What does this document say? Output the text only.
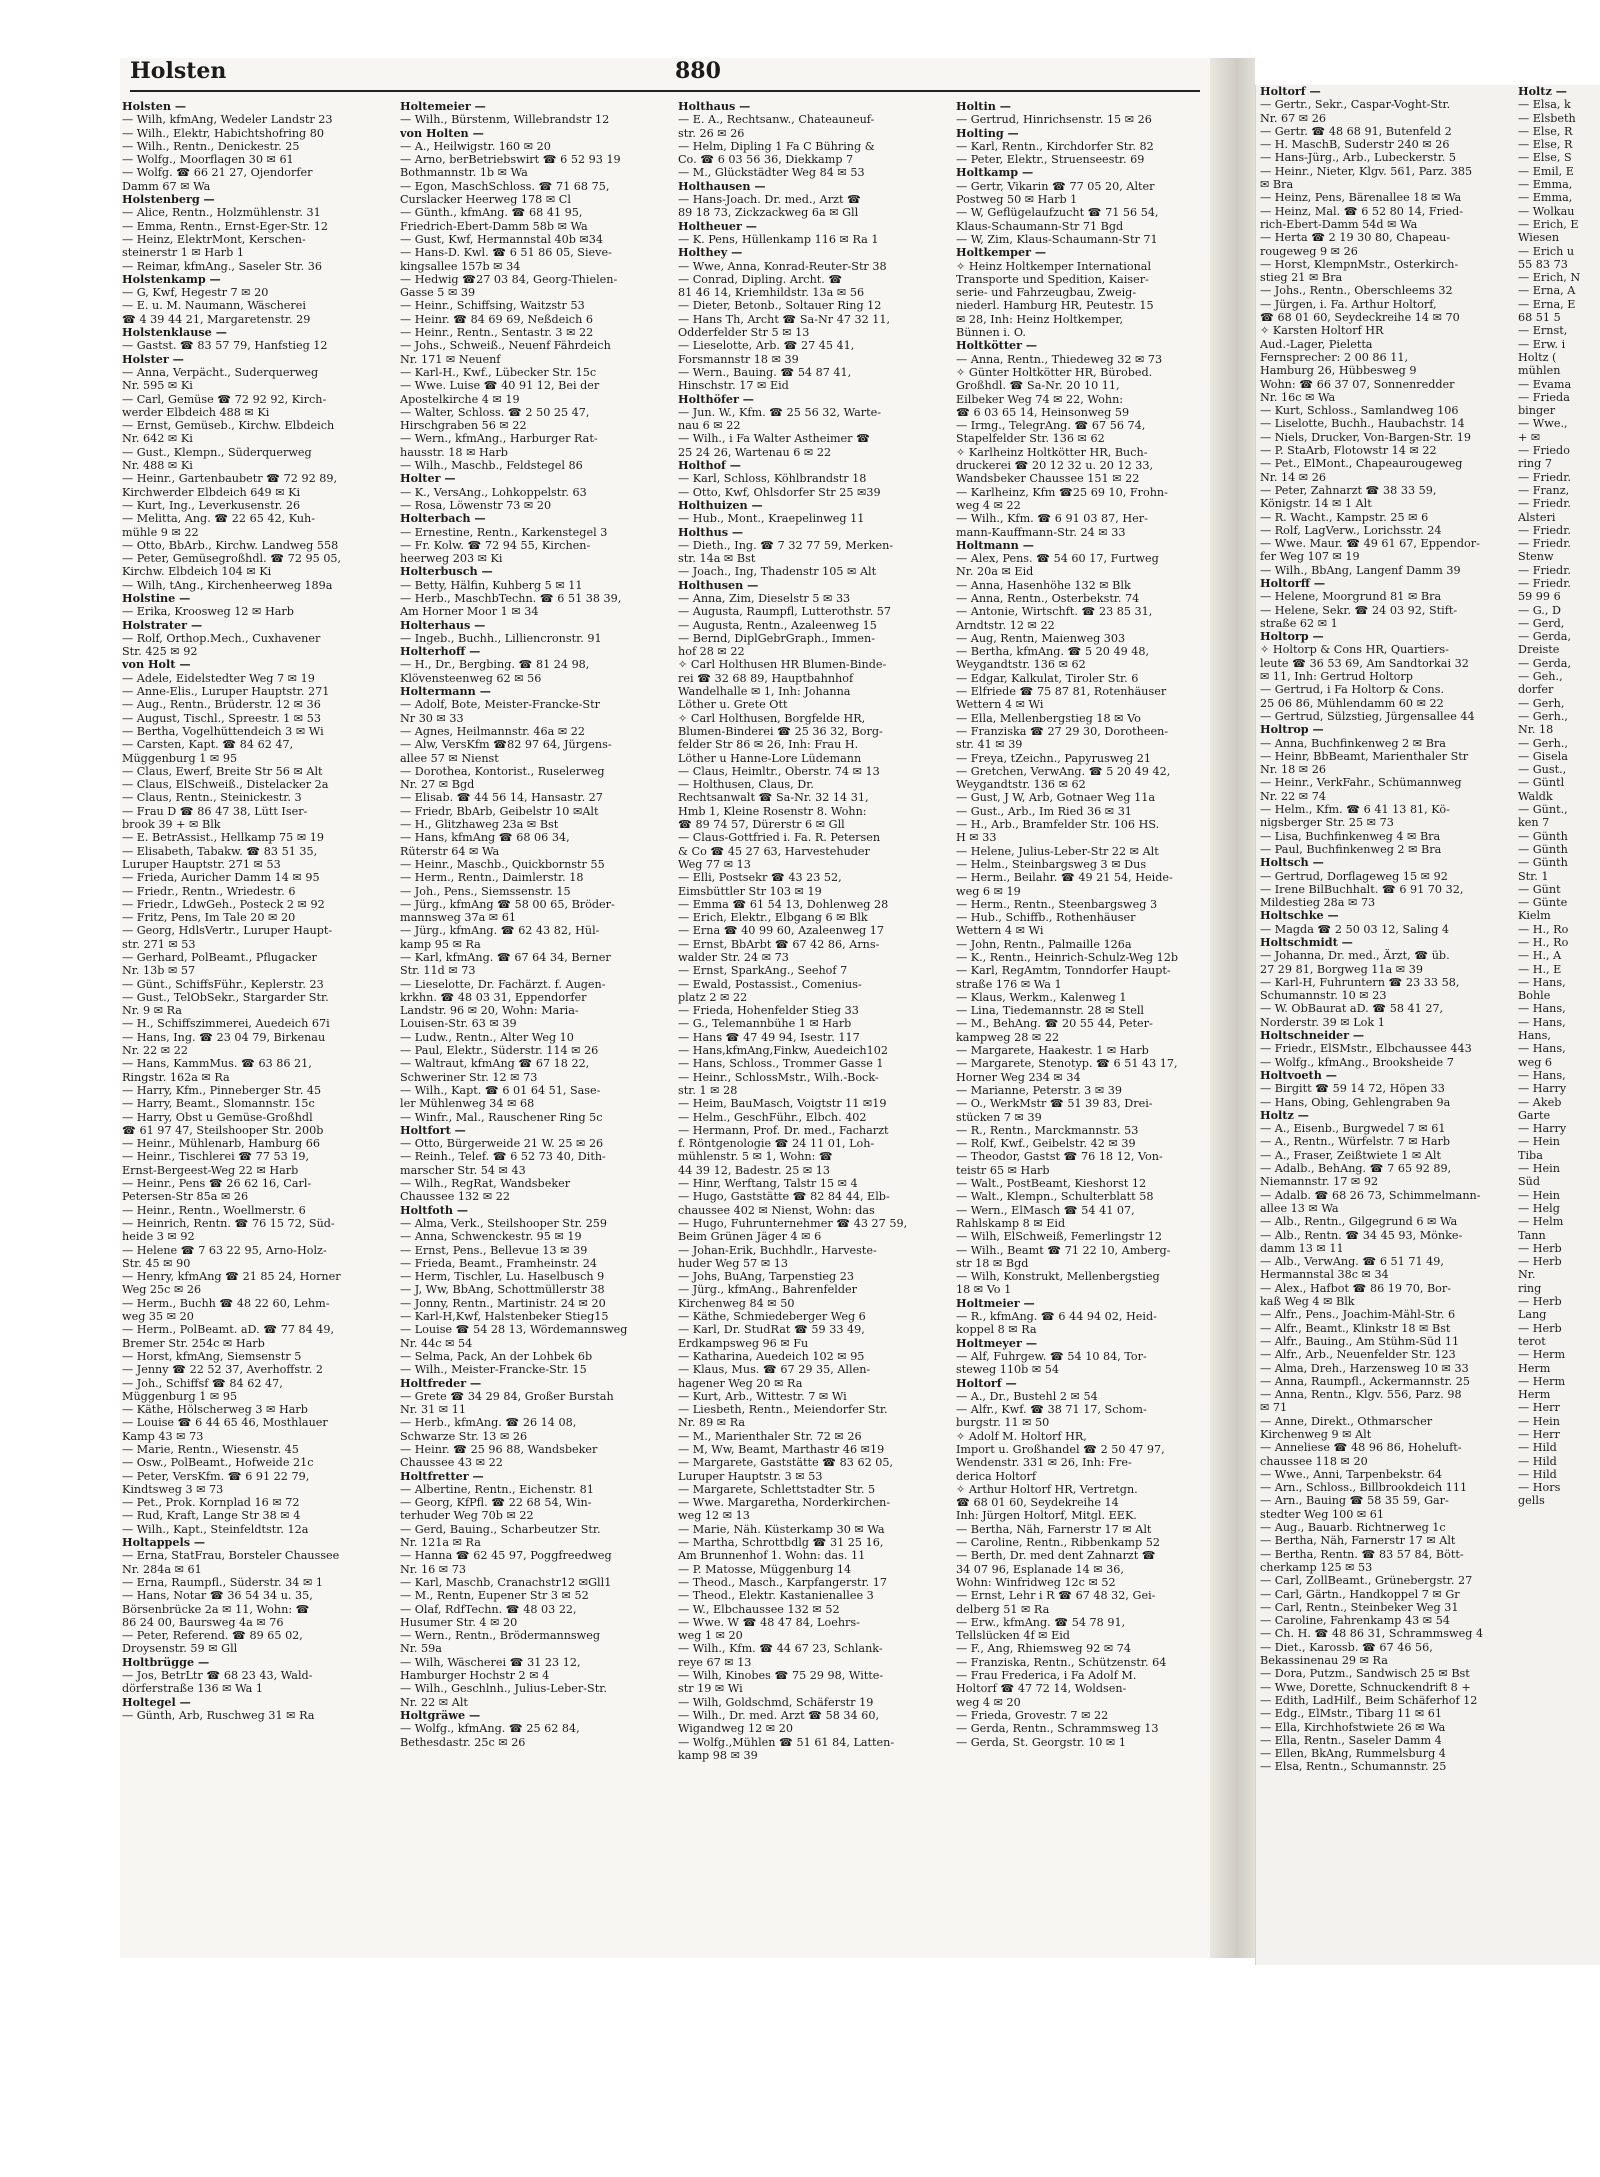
Holsten	880
Holsten —
— Wilh, kfmAng, Wedeler Landstr 23
— Wilh., Elektr, Habichtshofring 80
— Wilh., Rentn., Denickestr. 25
— Wolfg., Moorflagen 30 ✉ 61
— Wolfg. ☎ 66 21 27, Ojendorfer
Damm 67 ✉ Wa
Holstenberg —
— Alice, Rentn., Holzmühlenstr. 31
— Emma, Rentn., Ernst-Eger-Str. 12
— Heinz, ElektrMont, Kerschen-
steinerstr 1 ✉ Harb 1
— Reimar, kfmAng., Saseler Str. 36
Holstenkamp —
— G, Kwf, Hegestr 7 ✉ 20
— E. u. M. Naumann, Wäscherei
☎ 4 39 44 21, Margaretenstr. 29
Holstenklause —
— Gastst. ☎ 83 57 79, Hanfstieg 12
Holster —
— Anna, Verpächt., Suderquerweg
Nr. 595 ✉ Ki
— Carl, Gemüse ☎ 72 92 92, Kirch-
werder Elbdeich 488 ✉ Ki
— Ernst, Gemüseb., Kirchw. Elbdeich
Nr. 642 ✉ Ki
— Gust., Klempn., Süderquerweg
Nr. 488 ✉ Ki
— Heinr., Gartenbaubetr ☎ 72 92 89,
Kirchwerder Elbdeich 649 ✉ Ki
— Kurt, Ing., Leverkusenstr. 26
— Melitta, Ang. ☎ 22 65 42, Kuh-
mühle 9 ✉ 22
— Otto, BbArb., Kirchw. Landweg 558
— Peter, Gemüsegroßhdl. ☎ 72 95 05,
Kirchw. Elbdeich 104 ✉ Ki
— Wilh, tAng., Kirchenheerweg 189a
Holstine —
— Erika, Kroosweg 12 ✉ Harb
Holstrater —
— Rolf, Orthop.Mech., Cuxhavener
Str. 425 ✉ 92
von Holt —
— Adele, Eidelstedter Weg 7 ✉ 19
— Anne-Elis., Luruper Hauptstr. 271
— Aug., Rentn., Brüderstr. 12 ✉ 36
— August, Tischl., Spreestr. 1 ✉ 53
— Bertha, Vogelhüttendeich 3 ✉ Wi
— Carsten, Kapt. ☎ 84 62 47,
Müggenburg 1 ✉ 95
— Claus, Ewerf, Breite Str 56 ✉ Alt
— Claus, ElSchweiß., Distelacker 2a
— Claus, Rentn., Steinickestr. 3
— Frau D ☎ 86 47 38, Lütt Iser-
brook 39 + ✉ Blk
— E. BetrAssist., Hellkamp 75 ✉ 19
— Elisabeth, Tabakw. ☎ 83 51 35,
Luruper Hauptstr. 271 ✉ 53
— Frieda, Auricher Damm 14 ✉ 95
— Friedr., Rentn., Wriedestr. 6
— Friedr., LdwGeh., Posteck 2 ✉ 92
— Fritz, Pens, Im Tale 20 ✉ 20
— Georg, HdlsVertr., Luruper Haupt-
str. 271 ✉ 53
— Gerhard, PolBeamt., Pflugacker
Nr. 13b ✉ 57
— Günt., SchiffsFühr., Keplerstr. 23
— Gust., TelObSekr., Stargarder Str.
Nr. 9 ✉ Ra
— H., Schiffszimmerei, Auedeich 67i
— Hans, Ing. ☎ 23 04 79, Birkenau
Nr. 22 ✉ 22
— Hans, KammMus. ☎ 63 86 21,
Ringstr. 162a ✉ Ra
— Harry, Kfm., Pinneberger Str. 45
— Harry, Beamt., Slomannstr. 15c
— Harry, Obst u Gemüse-Großhdl
☎ 61 97 47, Steilshooper Str. 200b
— Heinr., Mühlenarb, Hamburg 66
— Heinr., Tischlerei ☎ 77 53 19,
Ernst-Bergeest-Weg 22 ✉ Harb
— Heinr., Pens ☎ 26 62 16, Carl-
Petersen-Str 85a ✉ 26
— Heinr., Rentn., Woellmerstr. 6
— Heinrich, Rentn. ☎ 76 15 72, Süd-
heide 3 ✉ 92
— Helene ☎ 7 63 22 95, Arno-Holz-
Str. 45 ✉ 90
— Henry, kfmAng ☎ 21 85 24, Horner
Weg 25c ✉ 26
— Herm., Buchh ☎ 48 22 60, Lehm-
weg 35 ✉ 20
— Herm., PolBeamt. aD. ☎ 77 84 49,
Bremer Str. 254c ✉ Harb
— Horst, kfmAng, Siemsenstr 5
— Jenny ☎ 22 52 37, Averhoffstr. 2
— Joh., Schiffsf ☎ 84 62 47,
Müggenburg 1 ✉ 95
— Käthe, Hölscherweg 3 ✉ Harb
— Louise ☎ 6 44 65 46, Mosthlauer
Kamp 43 ✉ 73
— Marie, Rentn., Wiesenstr. 45
— Osw., PolBeamt., Hofweide 21c
— Peter, VersKfm. ☎ 6 91 22 79,
Kindtsweg 3 ✉ 73
— Pet., Prok. Kornplad 16 ✉ 72
— Rud, Kraft, Lange Str 38 ✉ 4
— Wilh., Kapt., Steinfeldtstr. 12a
Holtappels —
— Erna, StatFrau, Borsteler Chaussee
Nr. 284a ✉ 61
— Erna, Raumpfl., Süderstr. 34 ✉ 1
— Hans, Notar ☎ 36 54 34 u. 35,
Börsenbrücke 2a ✉ 11, Wohn: ☎
86 24 00, Baursweg 4a ✉ 76
— Peter, Referend. ☎ 89 65 02,
Droysenstr. 59 ✉ Gll
Holtbrügge —
— Jos, BetrLtr ☎ 68 23 43, Wald-
dörferstraße 136 ✉ Wa 1
Holtegel —
— Günth, Arb, Ruschweg 31 ✉ Ra
Holtemeier —
— Wilh., Bürstenm, Willebrandstr 12
von Holten —
— A., Heilwigstr. 160 ✉ 20
— Arno, berBetriebswirt ☎ 6 52 93 19
Bothmannstr. 1b ✉ Wa
— Egon, MaschSchloss. ☎ 71 68 75,
Curslacker Heerweg 178 ✉ Cl
— Günth., kfmAng. ☎ 68 41 95,
Friedrich-Ebert-Damm 58b ✉ Wa
— Gust, Kwf, Hermannstal 40b ✉34
— Hans-D. Kwl. ☎ 6 51 86 05, Sieve-
kingsallee 157b ✉ 34
— Hedwig ☎27 03 84, Georg-Thielen-
Gasse 5 ✉ 39
— Heinr., Schiffsing, Waitzstr 53
— Heinr. ☎ 84 69 69, Neßdeich 6
— Heinr., Rentn., Sentastr. 3 ✉ 22
— Johs., Schweiß., Neuenf Fährdeich
Nr. 171 ✉ Neuenf
— Karl-H., Kwf., Lübecker Str. 15c
— Wwe. Luise ☎ 40 91 12, Bei der
Apostelkirche 4 ✉ 19
— Walter, Schloss. ☎ 2 50 25 47,
Hirschgraben 56 ✉ 22
— Wern., kfmAng., Harburger Rat-
hausstr. 18 ✉ Harb
— Wilh., Maschb., Feldstegel 86
Holter —
— K., VersAng., Lohkoppelstr. 63
— Rosa, Löwenstr 73 ✉ 20
Holterbach —
— Ernestine, Rentn., Karkenstegel 3
— Fr. Kolw. ☎ 72 94 55, Kirchen-
heerweg 203 ✉ Ki
Holterbusch —
— Betty, Hälfin, Kuhberg 5 ✉ 11
— Herb., MaschbTechn. ☎ 6 51 38 39,
Am Horner Moor 1 ✉ 34
Holterhaus —
— Ingeb., Buchh., Lilliencronstr. 91
Holterhoff —
— H., Dr., Bergbing. ☎ 81 24 98,
Klövensteenweg 62 ✉ 56
Holtermann —
— Adolf, Bote, Meister-Francke-Str
Nr 30 ✉ 33
— Agnes, Heilmannstr. 46a ✉ 22
— Alw, VersKfm ☎82 97 64, Jürgens-
allee 57 ✉ Nienst
— Dorothea, Kontorist., Ruselerweg
Nr. 27 ✉ Bgd
— Elisab. ☎ 44 56 14, Hansastr. 27
— Friedr, BbArb, Geibelstr 10 ✉Alt
— H., Glitzhaweg 23a ✉ Bst
— Hans, kfmAng ☎ 68 06 34,
Rüterstr 64 ✉ Wa
— Heinr., Maschb., Quickbornstr 55
— Herm., Rentn., Daimlerstr. 18
— Joh., Pens., Siemssenstr. 15
— Jürg., kfmAng ☎ 58 00 65, Bröder-
mannsweg 37a ✉ 61
— Jürg., kfmAng. ☎ 62 43 82, Hül-
kamp 95 ✉ Ra
— Karl, kfmAng. ☎ 67 64 34, Berner
Str. 11d ✉ 73
— Lieselotte, Dr. Fachärzt. f. Augen-
krkhn. ☎ 48 03 31, Eppendorfer
Landstr. 96 ✉ 20, Wohn: Maria-
Louisen-Str. 63 ✉ 39
— Ludw., Rentn., Alter Weg 10
— Paul, Elektr., Süderstr. 114 ✉ 26
— Waltraut, kfmAng ☎ 67 18 22,
Schweriner Str. 12 ✉ 73
— Wilh., Kapt. ☎ 6 01 64 51, Sase-
ler Mühlenweg 34 ✉ 68
— Winfr., Mal., Rauschener Ring 5c
Holtfort —
— Otto, Bürgerweide 21 W. 25 ✉ 26
— Reinh., Telef. ☎ 6 52 73 40, Dith-
marscher Str. 54 ✉ 43
— Wilh., RegRat, Wandsbeker
Chaussee 132 ✉ 22
Holtfoth —
— Alma, Verk., Steilshooper Str. 259
— Anna, Schwenckestr. 95 ✉ 19
— Ernst, Pens., Bellevue 13 ✉ 39
— Frieda, Beamt., Framheinstr. 24
— Herm, Tischler, Lu. Haselbusch 9
— J, Ww, BbAng, Schottmüllerstr 38
— Jonny, Rentn., Martinistr. 24 ✉ 20
— Karl-H,Kwf, Halstenbeker Stieg15
— Louise ☎ 54 28 13, Wördemannsweg
Nr. 44c ✉ 54
— Selma, Pack, An der Lohbek 6b
— Wilh., Meister-Francke-Str. 15
Holtfreder —
— Grete ☎ 34 29 84, Großer Burstah
Nr. 31 ✉ 11
— Herb., kfmAng. ☎ 26 14 08,
Schwarze Str. 13 ✉ 26
— Heinr. ☎ 25 96 88, Wandsbeker
Chaussee 43 ✉ 22
Holtfretter —
— Albertine, Rentn., Eichenstr. 81
— Georg, KfPfl. ☎ 22 68 54, Win-
terhuder Weg 70b ✉ 22
— Gerd, Bauing., Scharbeutzer Str.
Nr. 121a ✉ Ra
— Hanna ☎ 62 45 97, Poggfreedweg
Nr. 16 ✉ 73
— Karl, Maschb, Cranachstr12 ✉Gll1
— M., Rentn, Eupener Str 3 ✉ 52
— Olaf, RdfTechn. ☎ 48 03 22,
Husumer Str. 4 ✉ 20
— Wern., Rentn., Brödermannsweg
Nr. 59a
— Wilh, Wäscherei ☎ 31 23 12,
Hamburger Hochstr 2 ✉ 4
— Wilh., Geschlnh., Julius-Leber-Str.
Nr. 22 ✉ Alt
Holtgräwe —
— Wolfg., kfmAng. ☎ 25 62 84,
Bethesdastr. 25c ✉ 26
Holthaus —
— E. A., Rechtsanw., Chateauneuf-
str. 26 ✉ 26
— Helm, Dipling 1 Fa C Bühring &
Co. ☎ 6 03 56 36, Diekkamp 7
— M., Glückstädter Weg 84 ✉ 53
Holthausen —
— Hans-Joach. Dr. med., Arzt ☎
89 18 73, Zickzackweg 6a ✉ Gll
Holtheuer —
— K. Pens, Hüllenkamp 116 ✉ Ra 1
Holthey —
— Wwe, Anna, Konrad-Reuter-Str 38
— Conrad, Dipling. Archt. ☎
81 46 14, Kriemhildstr. 13a ✉ 56
— Dieter, Betonb., Soltauer Ring 12
— Hans Th, Archt ☎ Sa-Nr 47 32 11,
Odderfelder Str 5 ✉ 13
— Lieselotte, Arb. ☎ 27 45 41,
Forsmannstr 18 ✉ 39
— Wern., Bauing. ☎ 54 87 41,
Hinschstr. 17 ✉ Eid
Holthöfer —
— Jun. W., Kfm. ☎ 25 56 32, Warte-
nau 6 ✉ 22
— Wilh., i Fa Walter Astheimer ☎
25 24 26, Wartenau 6 ✉ 22
Holthof —
— Karl, Schloss, Köhlbrandstr 18
— Otto, Kwf, Ohlsdorfer Str 25 ✉39
Holthuizen —
— Hub., Mont., Kraepelinweg 11
Holthus —
— Dieth., Ing. ☎ 7 32 77 59, Merken-
str. 14a ✉ Bst
— Joach., Ing, Thadenstr 105 ✉ Alt
Holthusen —
— Anna, Zim, Dieselstr 5 ✉ 33
— Augusta, Raumpfl, Lutterothstr. 57
— Augusta, Rentn., Azaleenweg 15
— Bernd, DiplGebrGraph., Immen-
hof 28 ✉ 22
✧ Carl Holthusen HR Blumen-Binde-
rei ☎ 32 68 89, Hauptbahnhof
Wandelhalle ✉ 1, Inh: Johanna
Löther u. Grete Ott
✧ Carl Holthusen, Borgfelde HR,
Blumen-Binderei ☎ 25 36 32, Borg-
felder Str 86 ✉ 26, Inh: Frau H.
Löther u Hanne-Lore Lüdemann
— Claus, Heimltr., Oberstr. 74 ✉ 13
— Holthusen, Claus, Dr.
Rechtsanwalt ☎ Sa-Nr. 32 14 31,
Hmb 1, Kleine Rosenstr 8. Wohn:
☎ 89 74 57, Dürerstr 6 ✉ Gll
— Claus-Gottfried i. Fa. R. Petersen
& Co ☎ 45 27 63, Harvestehuder
Weg 77 ✉ 13
— Elli, Postsekr ☎ 43 23 52,
Eimsbüttler Str 103 ✉ 19
— Emma ☎ 61 54 13, Dohlenweg 28
— Erich, Elektr., Elbgang 6 ✉ Blk
— Erna ☎ 40 99 60, Azaleenweg 17
— Ernst, BbArbt ☎ 67 42 86, Arns-
walder Str. 24 ✉ 73
— Ernst, SparkAng., Seehof 7
— Ewald, Postassist., Comenius-
platz 2 ✉ 22
— Frieda, Hohenfelder Stieg 33
— G., Telemannbühe 1 ✉ Harb
— Hans ☎ 47 49 94, Isestr. 117
— Hans,kfmAng,Finkw, Auedeich102
— Hans, Schloss., Trommer Gasse 1
— Heinr., SchlossMstr., Wilh.-Bock-
str. 1 ✉ 28
— Heim, BauMasch, Voigtstr 11 ✉19
— Helm., GeschFühr., Elbch. 402
— Hermann, Prof. Dr. med., Facharzt
f. Röntgenologie ☎ 24 11 01, Loh-
mühlenstr. 5 ✉ 1, Wohn: ☎
44 39 12, Badestr. 25 ✉ 13
— Hinr, Werftang, Talstr 15 ✉ 4
— Hugo, Gaststätte ☎ 82 84 44, Elb-
chaussee 402 ✉ Nienst, Wohn: das
— Hugo, Fuhrunternehmer ☎ 43 27 59,
Beim Grünen Jäger 4 ✉ 6
— Johan-Erik, Buchhdlr., Harveste-
huder Weg 57 ✉ 13
— Johs, BuAng, Tarpenstieg 23
— Jürg., kfmAng., Bahrenfelder
Kirchenweg 84 ✉ 50
— Käthe, Schmiedeberger Weg 6
— Karl, Dr. StudRat ☎ 59 33 49,
Erdkampsweg 96 ✉ Fu
— Katharina, Auedeich 102 ✉ 95
— Klaus, Mus. ☎ 67 29 35, Allen-
hagener Weg 20 ✉ Ra
— Kurt, Arb., Wittestr. 7 ✉ Wi
— Liesbeth, Rentn., Meiendorfer Str.
Nr. 89 ✉ Ra
— M., Marienthaler Str. 72 ✉ 26
— M, Ww, Beamt, Marthastr 46 ✉19
— Margarete, Gaststätte ☎ 83 62 05,
Luruper Hauptstr. 3 ✉ 53
— Margarete, Schlettstadter Str. 5
— Wwe. Margaretha, Norderkirchen-
weg 12 ✉ 13
— Marie, Näh. Küsterkamp 30 ✉ Wa
— Martha, Schrottbdlg ☎ 31 25 16,
Am Brunnenhof 1. Wohn: das. 11
— P. Matosse, Müggenburg 14
— Theod., Masch., Karpfangerstr. 17
— Theod., Elektr. Kastanienallee 3
— W., Elbchaussee 132 ✉ 52
— Wwe. W ☎ 48 47 84, Loehrs-
weg 1 ✉ 20
— Wilh., Kfm. ☎ 44 67 23, Schlank-
reye 67 ✉ 13
— Wilh, Kinobes ☎ 75 29 98, Witte-
str 19 ✉ Wi
— Wilh, Goldschmd, Schäferstr 19
— Wilh., Dr. med. Arzt ☎ 58 34 60,
Wigandweg 12 ✉ 20
— Wolfg.,Mühlen ☎ 51 61 84, Latten-
kamp 98 ✉ 39
Holtin —
— Gertrud, Hinrichsenstr. 15 ✉ 26
Holting —
— Karl, Rentn., Kirchdorfer Str. 82
— Peter, Elektr., Struenseestr. 69
Holtkamp —
— Gertr, Vikarin ☎ 77 05 20, Alter
Postweg 50 ✉ Harb 1
— W, Geflügelaufzucht ☎ 71 56 54,
Klaus-Schaumann-Str 71 Bgd
— W, Zim, Klaus-Schaumann-Str 71
Holtkemper —
✧ Heinz Holtkemper International
Transporte und Spedition, Kaiser-
serie- und Fahrzeugbau, Zweig-
niederl. Hamburg HR, Peutestr. 15
✉ 28, Inh: Heinz Holtkemper,
Bünnen i. O.
Holtkötter —
— Anna, Rentn., Thiedeweg 32 ✉ 73
✧ Günter Holtkötter HR, Bürobed.
Großhdl. ☎ Sa-Nr. 20 10 11,
Eilbeker Weg 74 ✉ 22, Wohn:
☎ 6 03 65 14, Heinsonweg 59
— Irmg., TelegrAng. ☎ 67 56 74,
Stapelfelder Str. 136 ✉ 62
✧ Karlheinz Holtkötter HR, Buch-
druckerei ☎ 20 12 32 u. 20 12 33,
Wandsbeker Chaussee 151 ✉ 22
— Karlheinz, Kfm ☎25 69 10, Frohn-
weg 4 ✉ 22
— Wilh., Kfm. ☎ 6 91 03 87, Her-
mann-Kauffmann-Str. 24 ✉ 33
Holtmann —
— Alex, Pens. ☎ 54 60 17, Furtweg
Nr. 20a ✉ Eid
— Anna, Hasenhöhe 132 ✉ Blk
— Anna, Rentn., Osterbekstr. 74
— Antonie, Wirtschft. ☎ 23 85 31,
Arndtstr. 12 ✉ 22
— Aug, Rentn, Maienweg 303
— Bertha, kfmAng. ☎ 5 20 49 48,
Weygandtstr. 136 ✉ 62
— Edgar, Kalkulat, Tiroler Str. 6
— Elfriede ☎ 75 87 81, Rotenhäuser
Wettern 4 ✉ Wi
— Ella, Mellenbergstieg 18 ✉ Vo
— Franziska ☎ 27 29 30, Dorotheen-
str. 41 ✉ 39
— Freya, tZeichn., Papyrusweg 21
— Gretchen, VerwAng. ☎ 5 20 49 42,
Weygandtstr. 136 ✉ 62
— Gust, J W, Arb, Gotnaer Weg 11a
— Gust., Arb., Im Ried 36 ✉ 31
— H., Arb., Bramfelder Str. 106 HS.
H ✉ 33
— Helene, Julius-Leber-Str 22 ✉ Alt
— Helm., Steinbargsweg 3 ✉ Dus
— Herm., Beilahr. ☎ 49 21 54, Heide-
weg 6 ✉ 19
— Herm., Rentn., Steenbargsweg 3
— Hub., Schiffb., Rothenhäuser
Wettern 4 ✉ Wi
— John, Rentn., Palmaille 126a
— K., Rentn., Heinrich-Schulz-Weg 12b
— Karl, RegAmtm, Tonndorfer Haupt-
straße 176 ✉ Wa 1
— Klaus, Werkm., Kalenweg 1
— Lina, Tiedemannstr. 28 ✉ Stell
— M., BehAng. ☎ 20 55 44, Peter-
kampweg 28 ✉ 22
— Margarete, Haakestr. 1 ✉ Harb
— Margarete, Stenotyp. ☎ 6 51 43 17,
Horner Weg 234 ✉ 34
— Marianne, Peterstr. 3 ✉ 39
— O., WerkMstr ☎ 51 39 83, Drei-
stücken 7 ✉ 39
— R., Rentn., Marckmannstr. 53
— Rolf, Kwf., Geibelstr. 42 ✉ 39
— Theodor, Gastst ☎ 76 18 12, Von-
teistr 65 ✉ Harb
— Walt., PostBeamt, Kieshorst 12
— Walt., Klempn., Schulterblatt 58
— Wern., ElMasch ☎ 54 41 07,
Rahlskamp 8 ✉ Eid
— Wilh, ElSchweiß, Femerlingstr 12
— Wilh., Beamt ☎ 71 22 10, Amberg-
str 18 ✉ Bgd
— Wilh, Konstrukt, Mellenbergstieg
18 ✉ Vo 1
Holtmeier —
— R., kfmAng. ☎ 6 44 94 02, Heid-
koppel 8 ✉ Ra
Holtmeyer —
— Alf, Fuhrgew. ☎ 54 10 84, Tor-
steweg 110b ✉ 54
Holtorf —
— A., Dr., Bustehl 2 ✉ 54
— Alfr., Kwf. ☎ 38 71 17, Schom-
burgstr. 11 ✉ 50
✧ Adolf M. Holtorf HR,
Import u. Großhandel ☎ 2 50 47 97,
Wendenstr. 331 ✉ 26, Inh: Fre-
derica Holtorf
✧ Arthur Holtorf HR, Vertretgn.
☎ 68 01 60, Seydekreihe 14
Inh: Jürgen Holtorf, Mitgl. EEK.
— Bertha, Näh, Farnerstr 17 ✉ Alt
— Caroline, Rentn., Ribbenkamp 52
— Berth, Dr. med dent Zahnarzt ☎
34 07 96, Esplanade 14 ✉ 36,
Wohn: Winfridweg 12c ✉ 52
— Ernst, Lehr i R ☎ 67 48 32, Gei-
delberg 51 ✉ Ra
— Erw., kfmAng. ☎ 54 78 91,
Tellslücken 4f ✉ Eid
— F., Ang, Rhiemsweg 92 ✉ 74
— Franziska, Rentn., Schützenstr. 64
— Frau Frederica, i Fa Adolf M.
Holtorf ☎ 47 72 14, Woldsen-
weg 4 ✉ 20
— Frieda, Grovestr. 7 ✉ 22
— Gerda, Rentn., Schrammsweg 13
— Gerda, St. Georgstr. 10 ✉ 1
Holtorf —
— Gertr., Sekr., Caspar-Voght-Str.
Nr. 67 ✉ 26
— Gertr. ☎ 48 68 91, Butenfeld 2
— H. MaschB, Suderstr 240 ✉ 26
— Hans-Jürg., Arb., Lubeckerstr. 5
— Heinr., Nieter, Klgv. 561, Parz. 385
✉ Bra
— Heinz, Pens, Bärenallee 18 ✉ Wa
— Heinz, Mal. ☎ 6 52 80 14, Fried-
rich-Ebert-Damm 54d ✉ Wa
— Herta ☎ 2 19 30 80, Chapeau-
rougeweg 9 ✉ 26
— Horst, KlempnMstr., Osterkirch-
stieg 21 ✉ Bra
— Johs., Rentn., Oberschleems 32
— Jürgen, i. Fa. Arthur Holtorf,
☎ 68 01 60, Seydeckreihe 14 ✉ 70
✧ Karsten Holtorf HR
Aud.-Lager, Pieletta
Fernsprecher: 2 00 86 11,
Hamburg 26, Hübbesweg 9
Wohn: ☎ 66 37 07, Sonnenredder
Nr. 16c ✉ Wa
— Kurt, Schloss., Samlandweg 106
— Liselotte, Buchh., Haubachstr. 14
— Niels, Drucker, Von-Bargen-Str. 19
— P. StaArb, Flotowstr 14 ✉ 22
— Pet., ElMont., Chapeaurougeweg
Nr. 14 ✉ 26
— Peter, Zahnarzt ☎ 38 33 59,
Königstr. 14 ✉ 1 Alt
— R. Wacht., Kampstr. 25 ✉ 6
— Rolf, LagVerw., Lorichsstr. 24
— Wwe. Maur. ☎ 49 61 67, Eppendor-
fer Weg 107 ✉ 19
— Wilh., BbAng, Langenf Damm 39
Holtorff —
— Helene, Moorgrund 81 ✉ Bra
— Helene, Sekr. ☎ 24 03 92, Stift-
straße 62 ✉ 1
Holtorp —
✧ Holtorp & Cons HR, Quartiers-
leute ☎ 36 53 69, Am Sandtorkai 32
✉ 11, Inh: Gertrud Holtorp
— Gertrud, i Fa Holtorp & Cons.
25 06 86, Mühlendamm 60 ✉ 22
— Gertrud, Sülzstieg, Jürgensallee 44
Holtrop —
— Anna, Buchfinkenweg 2 ✉ Bra
— Heinr, BbBeamt, Marienthaler Str
Nr. 18 ✉ 26
— Heinr., VerkFahr., Schümannweg
Nr. 22 ✉ 74
— Helm., Kfm. ☎ 6 41 13 81, Kö-
nigsberger Str. 25 ✉ 73
— Lisa, Buchfinkenweg 4 ✉ Bra
— Paul, Buchfinkenweg 2 ✉ Bra
Holtsch —
— Gertrud, Dorflageweg 15 ✉ 92
— Irene BilBuchhalt. ☎ 6 91 70 32,
Mildestieg 28a ✉ 73
Holtschke —
— Magda ☎ 2 50 03 12, Saling 4
Holtschmidt —
— Johanna, Dr. med., Ärzt, ☎ üb.
27 29 81, Borgweg 11a ✉ 39
— Karl-H, Fuhruntern ☎ 23 33 58,
Schumannstr. 10 ✉ 23
— W. ObBaurat aD. ☎ 58 41 27,
Norderstr. 39 ✉ Lok 1
Holtschneider —
— Friedr., ElSMstr., Elbchaussee 443
— Wolfg., kfmAng., Brooksheide 7
Holtvoeth —
— Birgitt ☎ 59 14 72, Höpen 33
— Hans, Obing, Gehlengraben 9a
Holtz —
— A., Eisenb., Burgwedel 7 ✉ 61
— A., Rentn., Würfelstr. 7 ✉ Harb
— A., Fraser, Zeißtwiete 1 ✉ Alt
— Adalb., BehAng. ☎ 7 65 92 89,
Niemannstr. 17 ✉ 92
— Adalb. ☎ 68 26 73, Schimmelmann-
allee 13 ✉ Wa
— Alb., Rentn., Gilgegrund 6 ✉ Wa
— Alb., Rentn. ☎ 34 45 93, Mönke-
damm 13 ✉ 11
— Alb., VerwAng. ☎ 6 51 71 49,
Hermannstal 38c ✉ 34
— Alex., Hafbot ☎ 86 19 70, Bor-
kaß Weg 4 ✉ Blk
— Alfr., Pens., Joachim-Mähl-Str. 6
— Alfr., Beamt., Klinkstr 18 ✉ Bst
— Alfr., Bauing., Am Stühm-Süd 11
— Alfr., Arb., Neuenfelder Str. 123
— Alma, Dreh., Harzensweg 10 ✉ 33
— Anna, Raumpfl., Ackermannstr. 25
— Anna, Rentn., Klgv. 556, Parz. 98
✉ 71
— Anne, Direkt., Othmarscher
Kirchenweg 9 ✉ Alt
— Anneliese ☎ 48 96 86, Hoheluft-
chaussee 118 ✉ 20
— Wwe., Anni, Tarpenbekstr. 64
— Arn., Schloss., Billbrookdeich 111
— Arn., Bauing ☎ 58 35 59, Gar-
stedter Weg 100 ✉ 61
— Aug., Bauarb. Richtnerweg 1c
— Bertha, Näh, Farnerstr 17 ✉ Alt
— Bertha, Rentn. ☎ 83 57 84, Bött-
cherkamp 125 ✉ 53
— Carl, ZollBeamt., Grünebergstr. 27
— Carl, Gärtn., Handkoppel 7 ✉ Gr
— Carl, Rentn., Steinbeker Weg 31
— Caroline, Fahrenkamp 43 ✉ 54
— Ch. H. ☎ 48 86 31, Schrammsweg 4
— Diet., Karossb. ☎ 67 46 56,
Bekassinenau 29 ✉ Ra
— Dora, Putzm., Sandwisch 25 ✉ Bst
— Wwe, Dorette, Schnuckendrift 8 +
— Edith, LadHilf., Beim Schäferhof 12
— Edg., ElMstr., Tibarg 11 ✉ 61
— Ella, Kirchhofstwiete 26 ✉ Wa
— Ella, Rentn., Saseler Damm 4
— Ellen, BkAng, Rummelsburg 4
— Elsa, Rentn., Schumannstr. 25
Holtz —
— Elsa, k
— Elsbeth
— Else, R
— Else, R
— Else, S
— Emil, E
— Emma,
— Emma,
— Wolkau
— Erich, E
Wiesen
— Erich u
55 83 73
— Erich, N
— Erna, A
— Erna, E
68 51 5
— Ernst,
— Erw. i
Holtz (
mühlen
— Evama
— Frieda
binger
— Wwe.,
+ ✉
— Friedo
ring 7
— Friedr.
— Franz,
— Friedr.
Alsteri
— Friedr.
— Friedr.
Stenw
— Friedr.
— Friedr.
59 99 6
— G., D
— Gerd,
— Gerda,
Dreiste
— Gerda,
— Geh.,
dorfer
— Gerh,
— Gerh.,
Nr. 18
— Gerh.,
— Gisela
— Gust.,
— Güntl
Waldk
— Günt.,
ken 7
— Günth
— Günth
— Günth
Str. 1
— Günt
— Günte
Kielm
— H., Ro
— H., Ro
— H., A
— H., E
— Hans,
Bohle
— Hans,
— Hans,
Hans,
— Hans,
weg 6
— Hans,
— Harry
— Akeb
Garte
— Harry
— Hein
Tiba
— Hein
Süd
— Hein
— Helg
— Helm
Tann
— Herb
— Herb
Nr.
ring
— Herb
Lang
— Herb
terot
— Herm
Herm
— Herm
Herm
— Herr
— Hein
— Herr
— Hild
— Hild
— Hild
— Hors
gells
